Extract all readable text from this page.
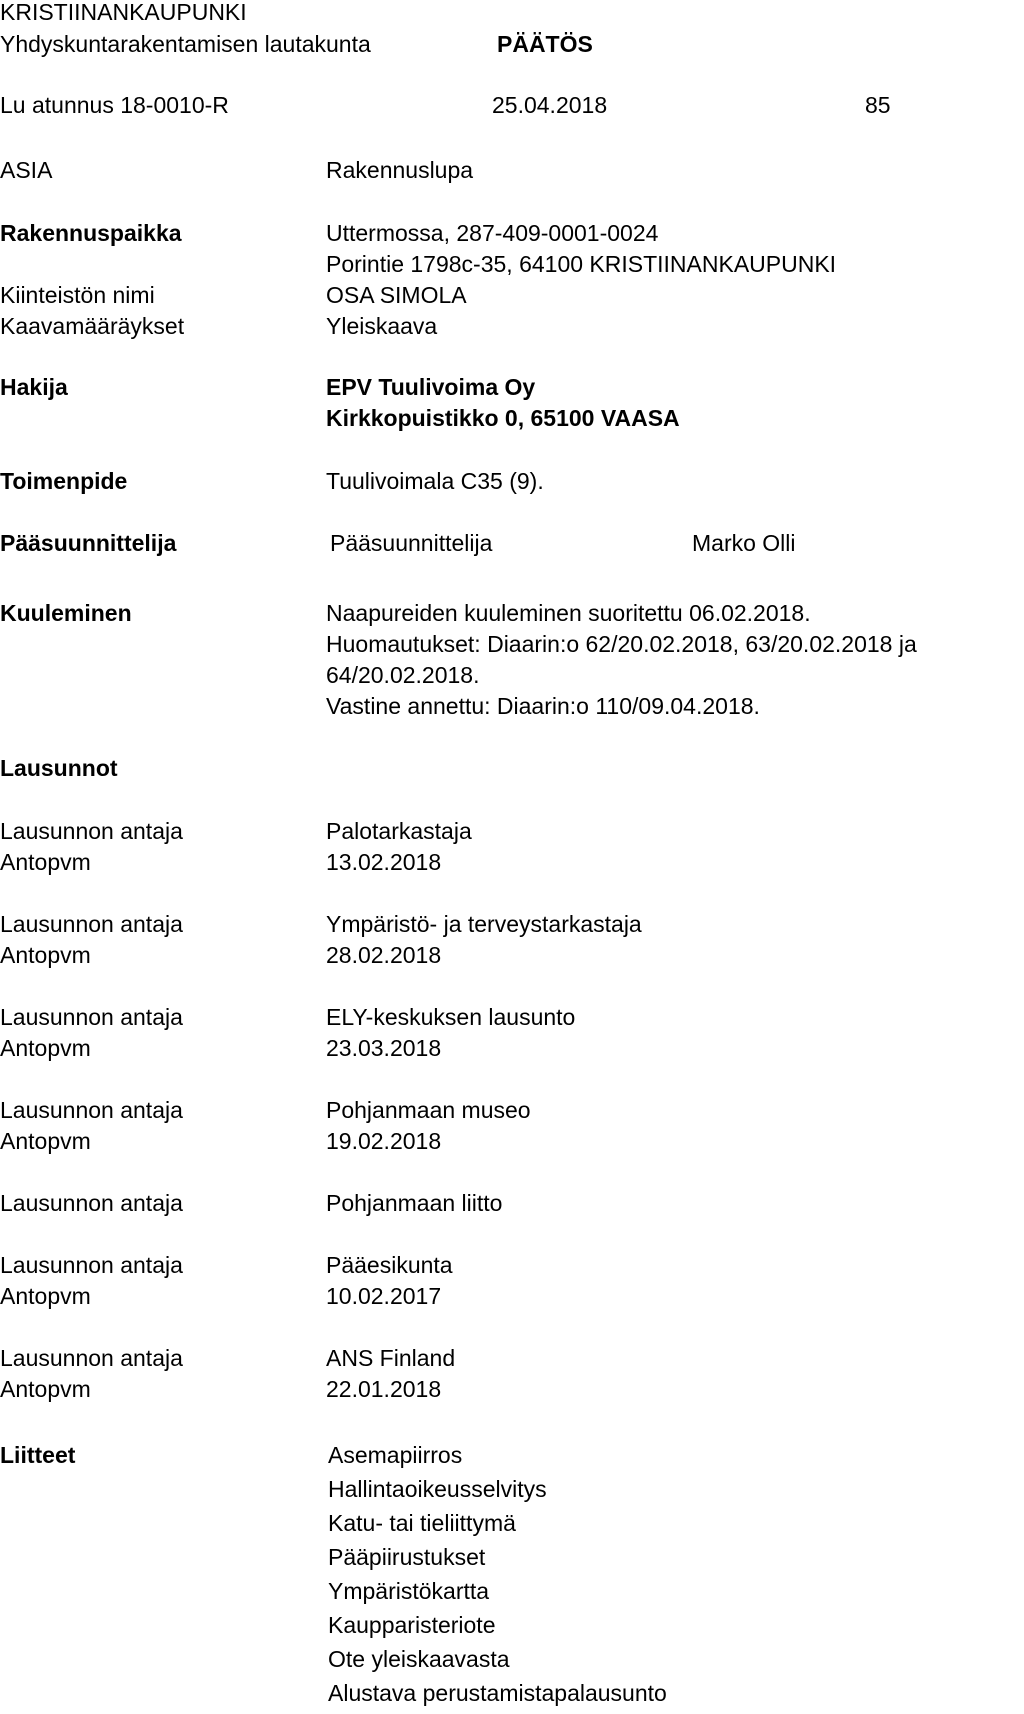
KRISTIINANKAUPUNKI
Yhdyskuntarakentamisen lautakunta	PÄÄTÖS
Lu atunnus 18-0010-R	25.04.2018	85
ASIA	Rakennuslupa
Rakennuspaikka	Uttermossa, 287-409-0001-0024
Porintie 1798c-35, 64100 KRISTIINANKAUPUNKI
Kiinteistön nimi	OSA SIMOLA
Kaavamääräykset	Yleiskaava
Hakija	EPV Tuulivoima Oy
Kirkkopuistikko 0, 65100 VAASA
Toimenpide	Tuulivoimala C35 (9).
Pääsuunnittelija	Pääsuunnittelija	Marko Olli
Kuuleminen	Naapureiden kuuleminen suoritettu 06.02.2018.
Huomautukset: Diaarin:o 62/20.02.2018, 63/20.02.2018 ja
64/20.02.2018.
Vastine annettu: Diaarin:o 110/09.04.2018.
Lausunnot
Lausunnon antaja	Palotarkastaja
Antopvm	13.02.2018
Lausunnon antaja	Ympäristö- ja terveystarkastaja
Antopvm	28.02.2018
Lausunnon antaja	ELY-keskuksen lausunto
Antopvm	23.03.2018
Lausunnon antaja	Pohjanmaan museo
Antopvm	19.02.2018
Lausunnon antaja	Pohjanmaan liitto
Lausunnon antaja	Pääesikunta
Antopvm	10.02.2017
Lausunnon antaja	ANS Finland
Antopvm	22.01.2018
Liitteet	Asemapiirros
Hallintaoikeusselvitys
Katu- tai tieliittymä
Pääpiirustukset
Ympäristökartta
Kaupparisteriote
Ote yleiskaavasta
Alustava perustamistapalausunto
